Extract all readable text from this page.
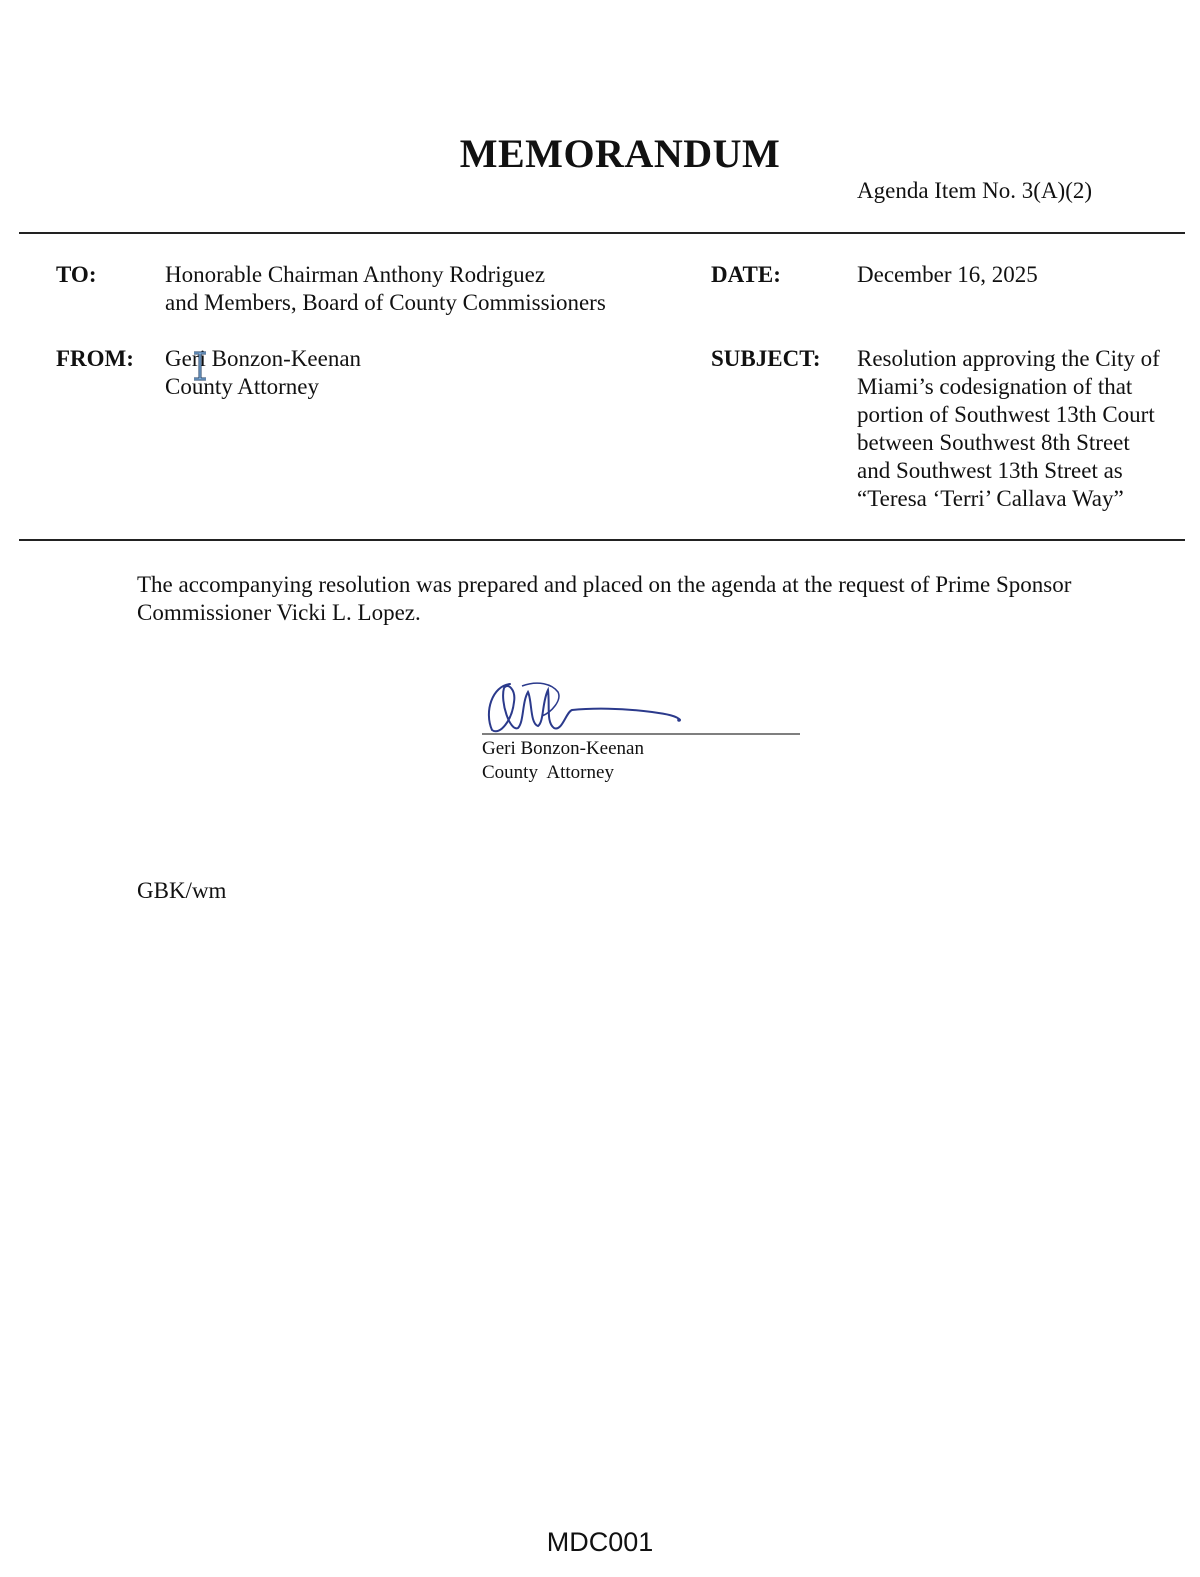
MEMORANDUM
Agenda Item No. 3(A)(2)
TO:	Honorable Chairman Anthony Rodriguez
and Members, Board of County Commissioners
DATE:	December 16, 2025
FROM: Geri Bonzon-Keenan
County Attorney
SUBJECT: Resolution approving the City of
Miami’s codesignation of that
portion of Southwest 13th Court
between Southwest 8th Street
and Southwest 13th Street as
“Teresa ‘Terri’ Callava Way”
The accompanying resolution was prepared and placed on the agenda at the request of Prime Sponsor
Commissioner Vicki L. Lopez.
Geri Bonzon-Keenan
County  Attorney
GBK/wm
MDC001
